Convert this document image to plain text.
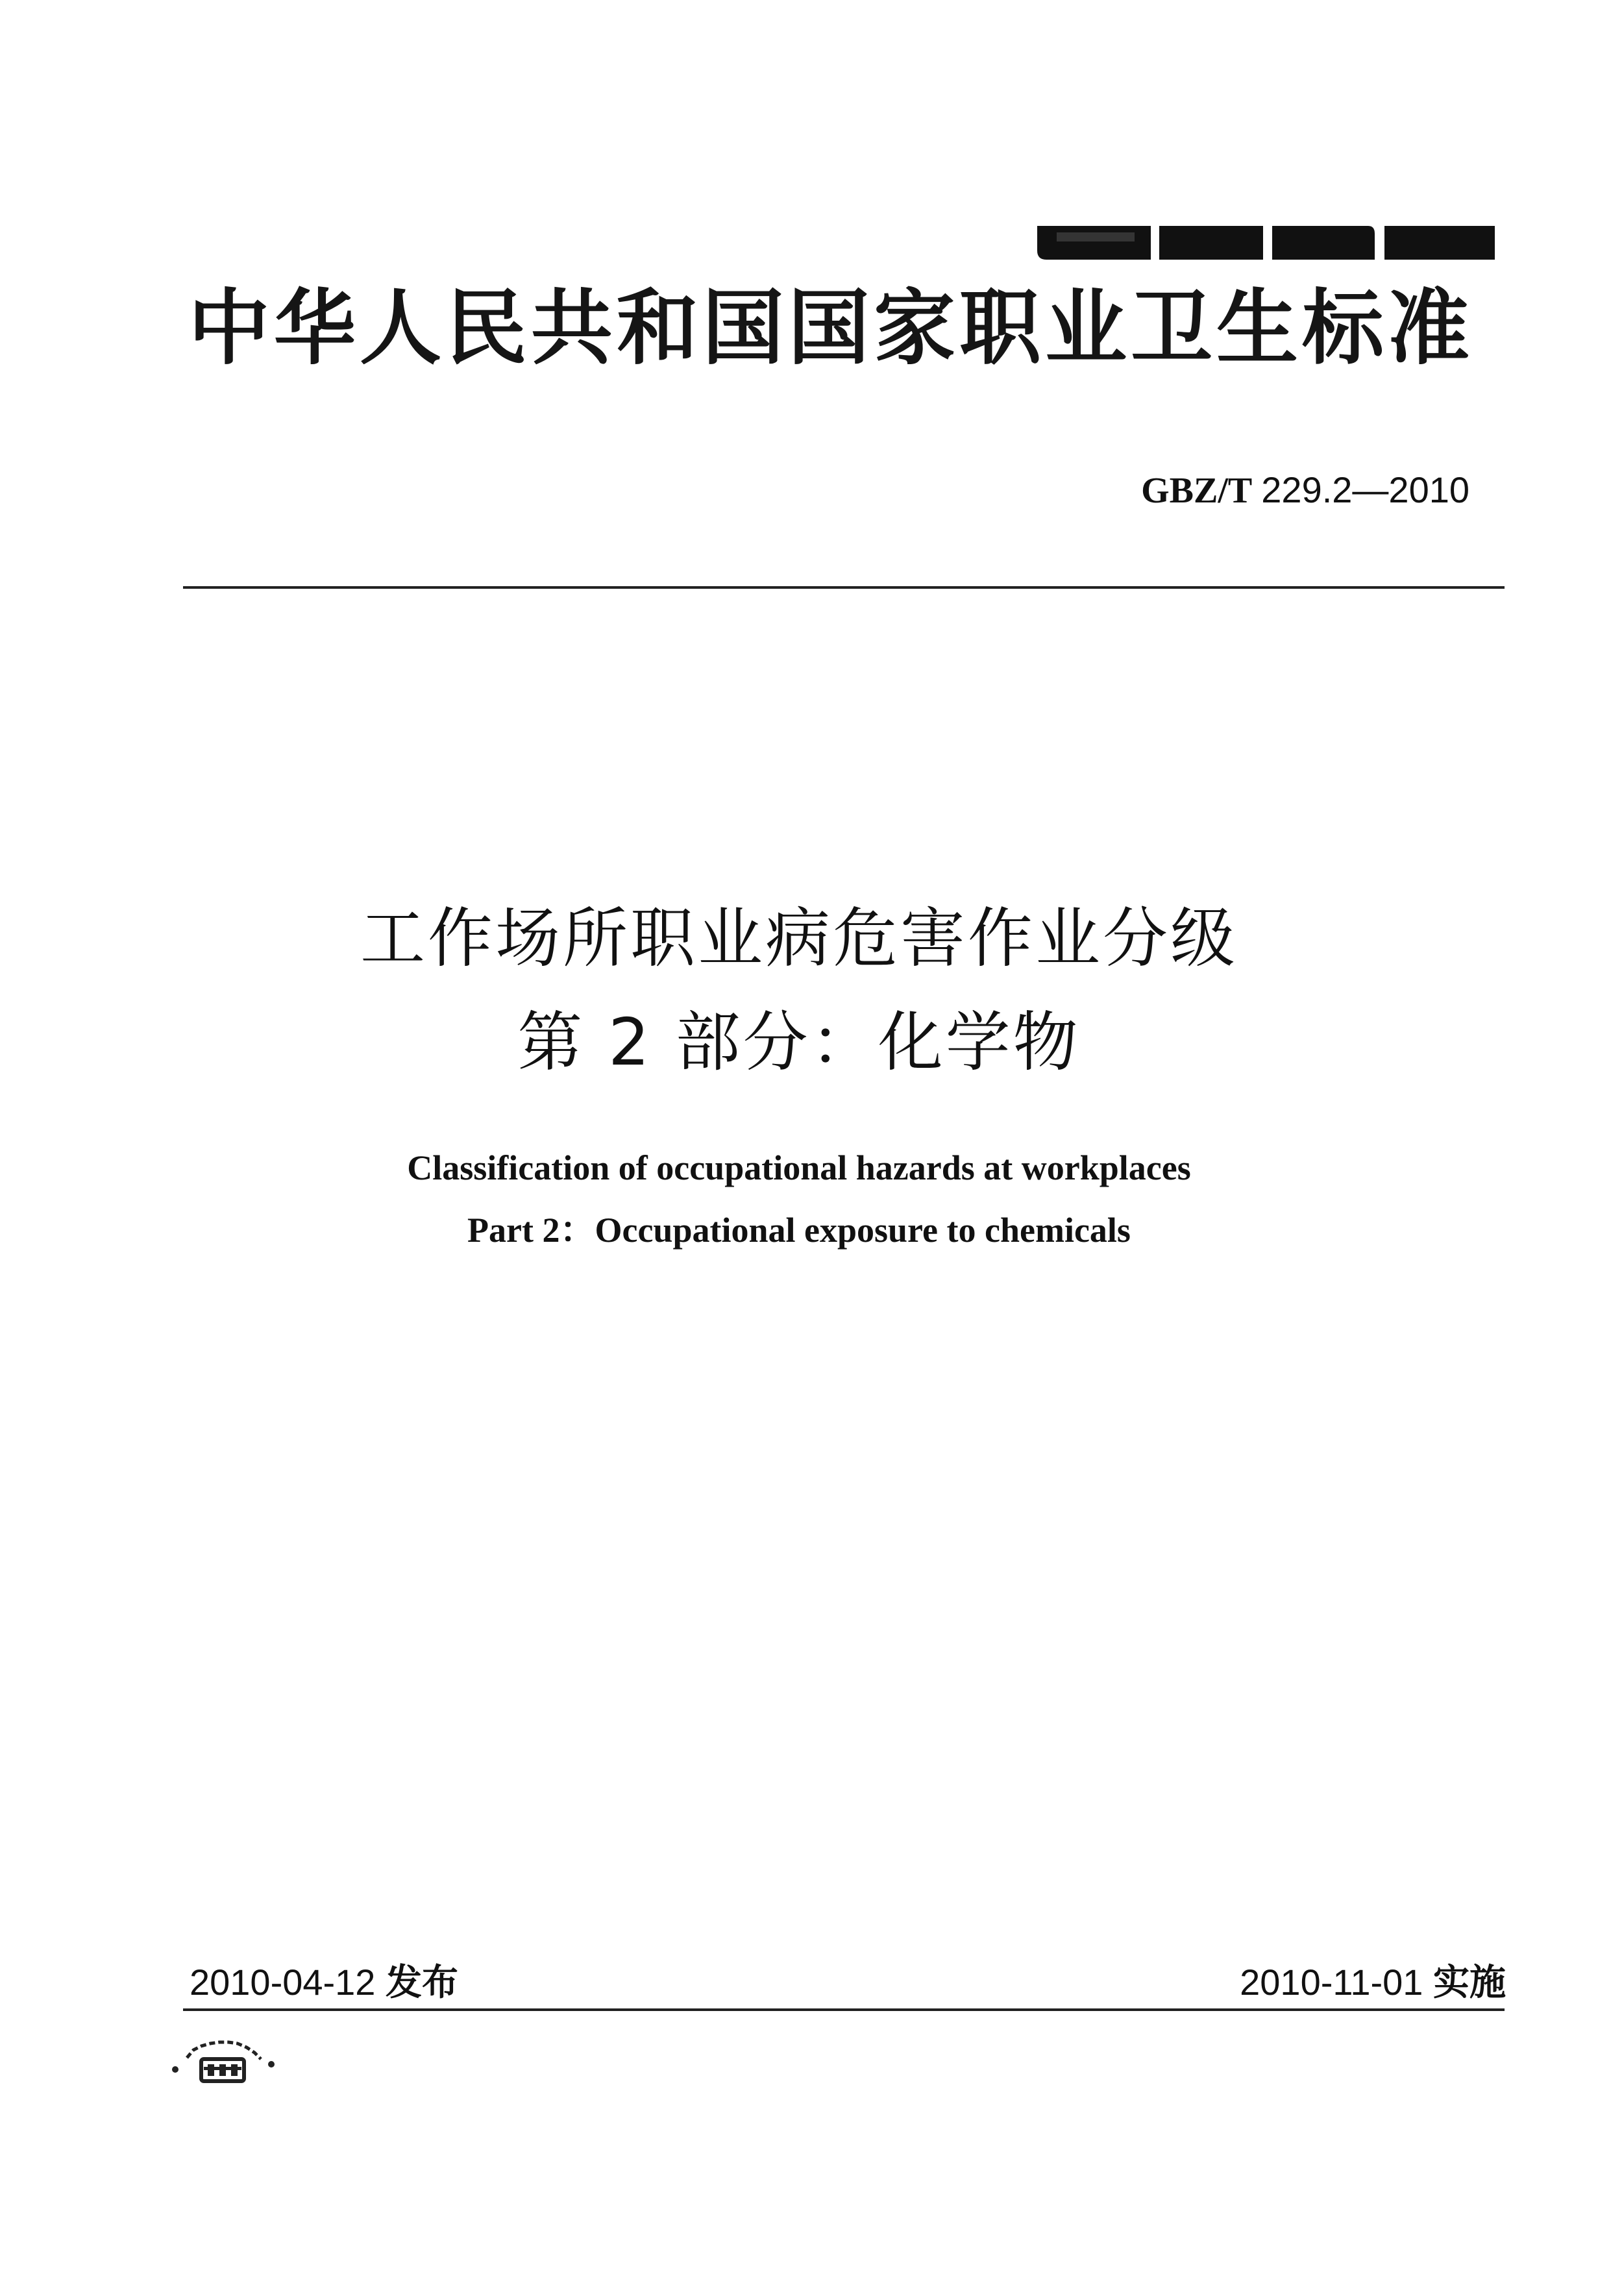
中华人民共和国国家职业卫生标准
GBZ/T 229.2—2010
工作场所职业病危害作业分级
第 2 部分：化学物
Classification of occupational hazards at workplaces
Part 2：Occupational exposure to chemicals
2010-04-12 发布	2010-11-01 实施
